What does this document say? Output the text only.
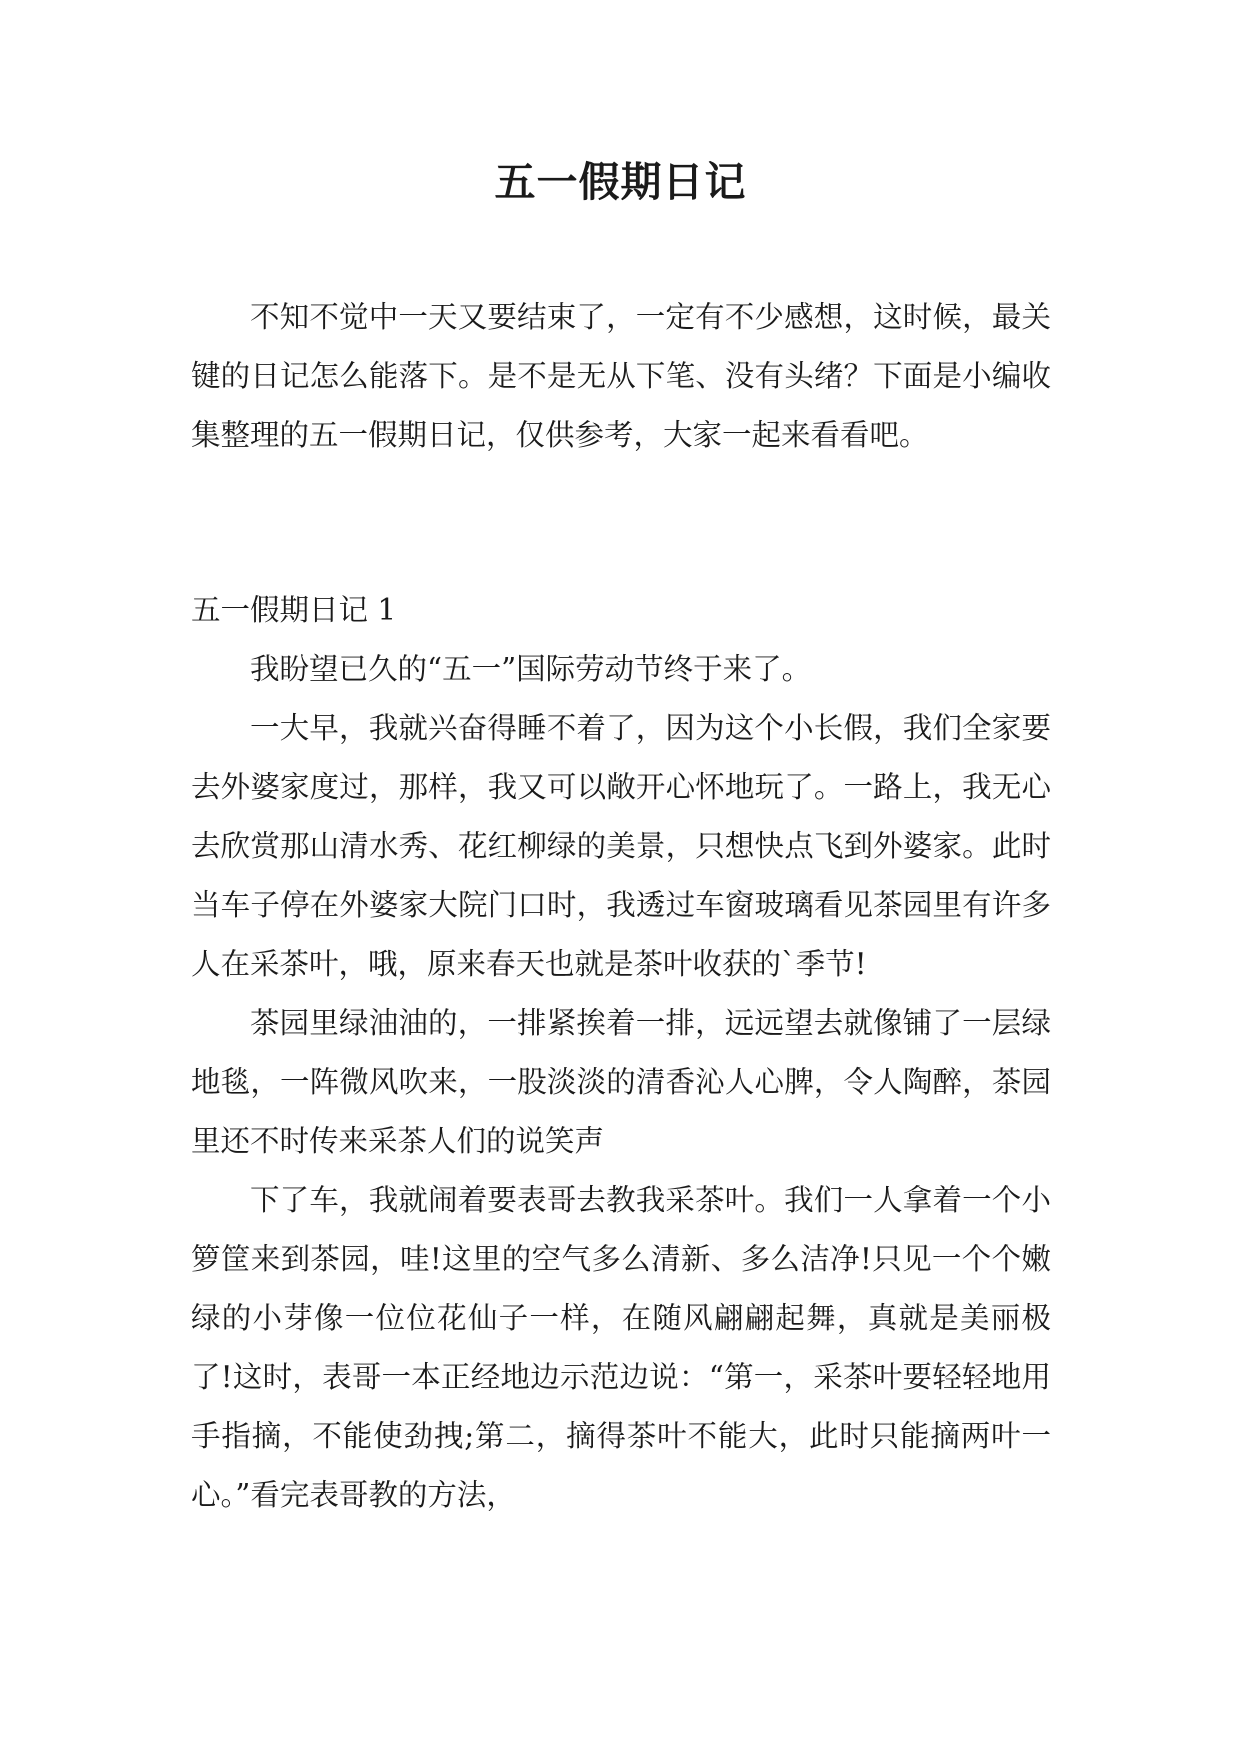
五一假期日记

不知不觉中一天又要结束了，一定有不少感想，这时候，最关键的日记怎么能落下。是不是无从下笔、没有头绪？下面是小编收集整理的五一假期日记，仅供参考，大家一起来看看吧。

五一假期日记 1

我盼望已久的“五一”国际劳动节终于来了。

一大早，我就兴奋得睡不着了，因为这个小长假，我们全家要去外婆家度过，那样，我又可以敞开心怀地玩了。一路上，我无心去欣赏那山清水秀、花红柳绿的美景，只想快点飞到外婆家。此时当车子停在外婆家大院门口时，我透过车窗玻璃看见茶园里有许多人在采茶叶，哦，原来春天也就是茶叶收获的`季节!

茶园里绿油油的，一排紧挨着一排，远远望去就像铺了一层绿地毯，一阵微风吹来，一股淡淡的清香沁人心脾，令人陶醉，茶园里还不时传来采茶人们的说笑声

下了车，我就闹着要表哥去教我采茶叶。我们一人拿着一个小箩筐来到茶园，哇!这里的空气多么清新、多么洁净!只见一个个嫩绿的小芽像一位位花仙子一样，在随风翩翩起舞，真就是美丽极了!这时，表哥一本正经地边示范边说：“第一，采茶叶要轻轻地用手指摘，不能使劲拽;第二，摘得茶叶不能大，此时只能摘两叶一心。”看完表哥教的方法，
